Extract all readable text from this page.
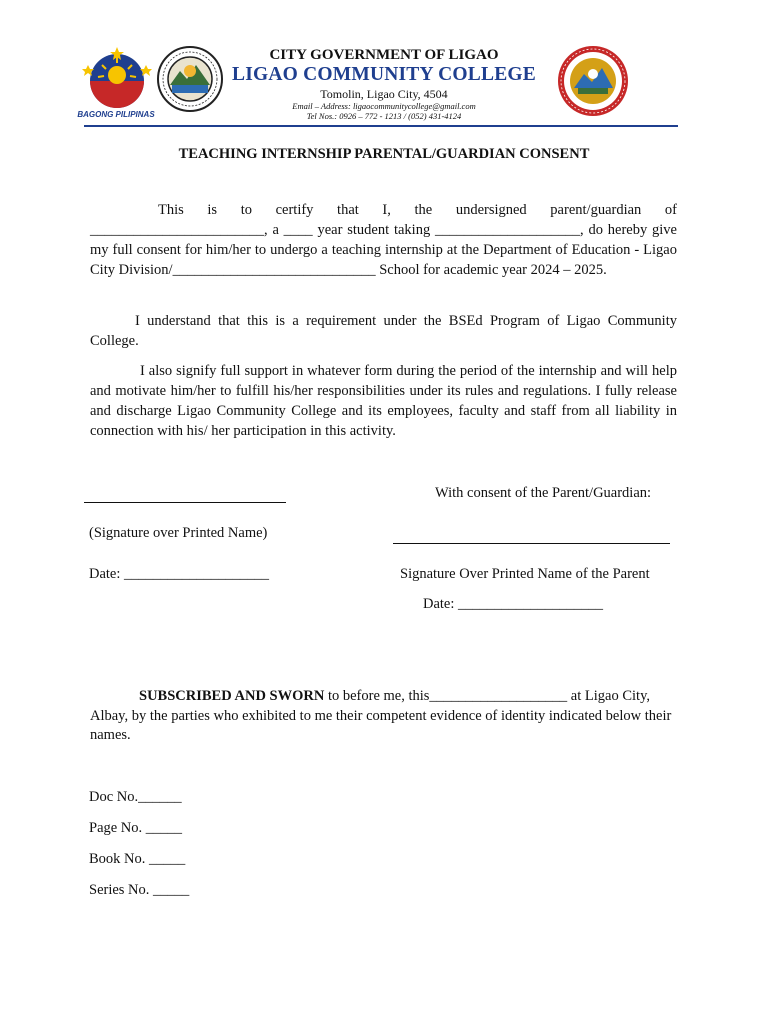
BAGONG PILIPINAS
CITY GOVERNMENT OF LIGAO
LIGAO COMMUNITY COLLEGE
Tomolin, Ligao City, 4504
Email – Address: ligaocommunitycollege@gmail.com
Tel Nos.: 0926 – 772 - 1213 / (052) 431-4124
TEACHING INTERNSHIP PARENTAL/GUARDIAN CONSENT
This is to certify that I, the undersigned parent/guardian of ________________________, a ____ year student taking ____________________, do hereby give my full consent for him/her to undergo a teaching internship at the Department of Education - Ligao City Division/____________________________ School for academic year 2024 – 2025.
I understand that this is a requirement under the BSEd Program of Ligao Community College.
I also signify full support in whatever form during the period of the internship and will help and motivate him/her to fulfill his/her responsibilities under its rules and regulations. I fully release and discharge Ligao Community College and its employees, faculty and staff from all liability in connection with his/ her participation in this activity.
With consent of the Parent/Guardian:
(Signature over Printed Name)
Date: ____________________	Signature Over Printed Name of the Parent
Date: ____________________
SUBSCRIBED AND SWORN to before me, this___________________ at Ligao City, Albay, by the parties who exhibited to me their competent evidence of identity indicated below their names.
Doc No.______
Page No. _____
Book No. _____
Series No. _____
